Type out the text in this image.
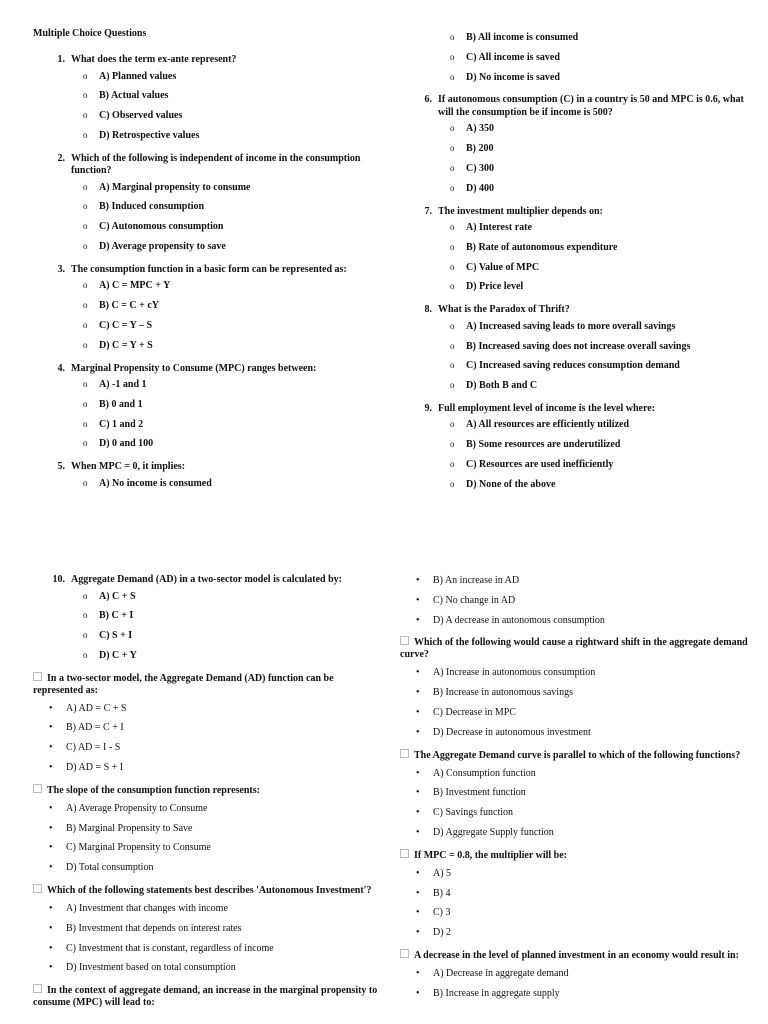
Multiple Choice Questions
1. What does the term ex-ante represent?
o A) Planned values
o B) Actual values
o C) Observed values
o D) Retrospective values
2. Which of the following is independent of income in the consumption function?
o A) Marginal propensity to consume
o B) Induced consumption
o C) Autonomous consumption
o D) Average propensity to save
3. The consumption function in a basic form can be represented as:
o A) C = MPC + Y
o B) C = C + cY
o C) C = Y – S
o D) C = Y + S
4. Marginal Propensity to Consume (MPC) ranges between:
o A) -1 and 1
o B) 0 and 1
o C) 1 and 2
o D) 0 and 100
5. When MPC = 0, it implies:
o A) No income is consumed
o B) All income is consumed
o C) All income is saved
o D) No income is saved
6. If autonomous consumption (C) in a country is 50 and MPC is 0.6, what will the consumption be if income is 500?
o A) 350
o B) 200
o C) 300
o D) 400
7. The investment multiplier depends on:
o A) Interest rate
o B) Rate of autonomous expenditure
o C) Value of MPC
o D) Price level
8. What is the Paradox of Thrift?
o A) Increased saving leads to more overall savings
o B) Increased saving does not increase overall savings
o C) Increased saving reduces consumption demand
o D) Both B and C
9. Full employment level of income is the level where:
o A) All resources are efficiently utilized
o B) Some resources are underutilized
o C) Resources are used inefficiently
o D) None of the above
10. Aggregate Demand (AD) in a two-sector model is calculated by:
o A) C + S
o B) C + I
o C) S + I
o D) C + Y
In a two-sector model, the Aggregate Demand (AD) function can be represented as:
• A) AD = C + S
• B) AD = C + I
• C) AD = I - S
• D) AD = S + I
The slope of the consumption function represents:
• A) Average Propensity to Consume
• B) Marginal Propensity to Save
• C) Marginal Propensity to Consume
• D) Total consumption
Which of the following statements best describes 'Autonomous Investment'?
• A) Investment that changes with income
• B) Investment that depends on interest rates
• C) Investment that is constant, regardless of income
• D) Investment based on total consumption
In the context of aggregate demand, an increase in the marginal propensity to consume (MPC) will lead to:
• B) An increase in AD
• C) No change in AD
• D) A decrease in autonomous consumption
Which of the following would cause a rightward shift in the aggregate demand curve?
• A) Increase in autonomous consumption
• B) Increase in autonomous savings
• C) Decrease in MPC
• D) Decrease in autonomous investment
The Aggregate Demand curve is parallel to which of the following functions?
• A) Consumption function
• B) Investment function
• C) Savings function
• D) Aggregate Supply function
If MPC = 0.8, the multiplier will be:
• A) 5
• B) 4
• C) 3
• D) 2
A decrease in the level of planned investment in an economy would result in:
• A) Decrease in aggregate demand
• B) Increase in aggregate supply
